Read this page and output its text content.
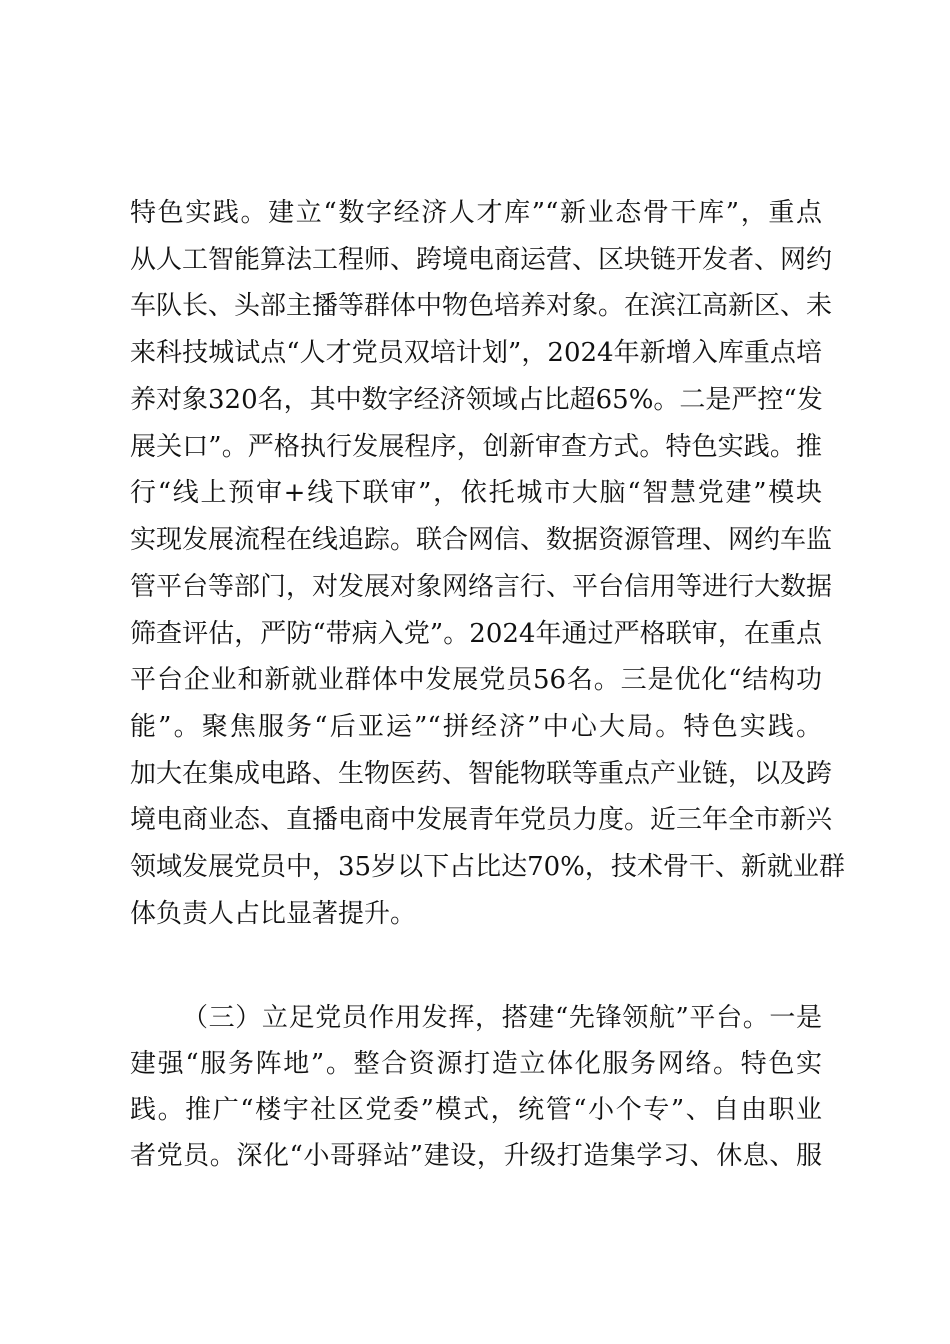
特色实践。建立“数字经济人才库”“新业态骨干库”，重点
从人工智能算法工程师、跨境电商运营、区块链开发者、网约
车队长、头部主播等群体中物色培养对象。在滨江高新区、未
来科技城试点“人才党员双培计划”，2024年新增入库重点培
养对象320名，其中数字经济领域占比超65%。二是严控“发
展关口”。严格执行发展程序，创新审查方式。特色实践。推
行“线上预审+线下联审”，依托城市大脑“智慧党建”模块
实现发展流程在线追踪。联合网信、数据资源管理、网约车监
管平台等部门，对发展对象网络言行、平台信用等进行大数据
筛查评估，严防“带病入党”。2024年通过严格联审，在重点
平台企业和新就业群体中发展党员56名。三是优化“结构功
能”。聚焦服务“后亚运”“拼经济”中心大局。特色实践。
加大在集成电路、生物医药、智能物联等重点产业链，以及跨
境电商业态、直播电商中发展青年党员力度。近三年全市新兴
领域发展党员中，35岁以下占比达70%，技术骨干、新就业群
体负责人占比显著提升。
（三）立足党员作用发挥，搭建“先锋领航”平台。一是
建强“服务阵地”。整合资源打造立体化服务网络。特色实
践。推广“楼宇社区党委”模式，统管“小个专”、自由职业
者党员。深化“小哥驿站”建设，升级打造集学习、休息、服
